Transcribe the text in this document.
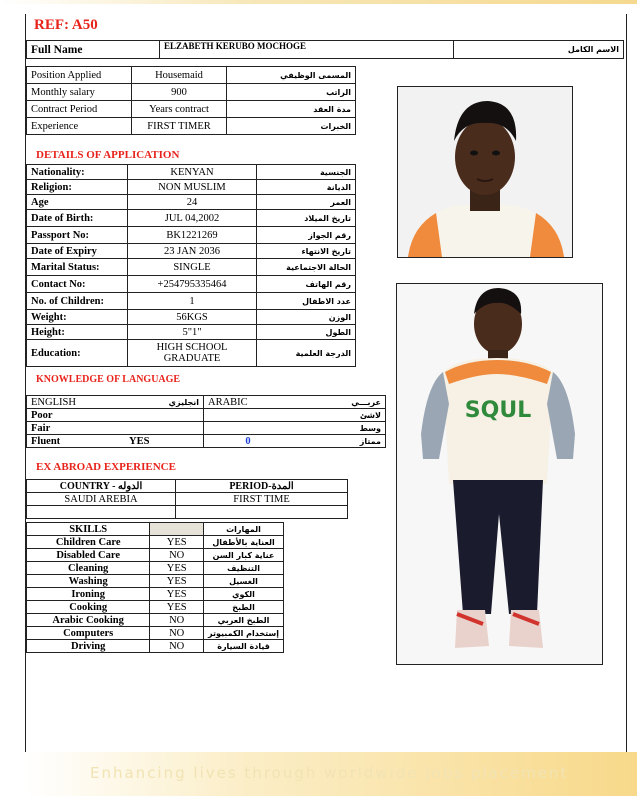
REF: A50
Full Name	ELZABETH KERUBO MOCHOGE	الاسم الكامل
Position Applied	Housemaid	المسمى الوظيفي
Monthly salary	900	الراتب
Contract Period	Years contract	مدة العقد
Experience	FIRST TIMER	الخبرات
DETAILS OF APPLICATION
Nationality:	KENYAN	الجنسية
Religion:	NON MUSLIM	الديانة
Age	24	العمر
Date of Birth:	JUL 04,2002	تاريخ الميلاد
Passport No:	BK1221269	رقم الجواز
Date of Expiry	23 JAN 2036	تاريخ الانتهاء
Marital Status:	SINGLE	الحالة الاجتماعية
Contact No:	+254795335464	رقم الهاتف
No. of Children:	1	عدد الاطفال
Weight:	56KGS	الوزن
Height:	5"1"	الطول
Education:	HIGH SCHOOL GRADUATE	الدرجة العلمية
KNOWLEDGE OF LANGUAGE
ENGLISH	انجليزي	ARABIC	عربـــي
Poor			لاشئ
Fair			وسط
Fluent	YES	0	ممتاز
EX ABROAD EXPERIENCE
COUNTRY - الدوله	PERIOD-المدة
SAUDI AREBIA	FIRST TIME

SKILLS		المهارات
Children Care	YES	العناية بالأطفال
Disabled Care	NO	عناية كبار السن
Cleaning	YES	التنظيف
Washing	YES	الغسيل
Ironing	YES	الكوي
Cooking	YES	الطبخ
Arabic Cooking	NO	الطبخ العربي
Computers	NO	إستخدام الكمبيوتر
Driving	NO	قيادة السيارة
SQUL
Enhancing lives through worldwide jobs placement
